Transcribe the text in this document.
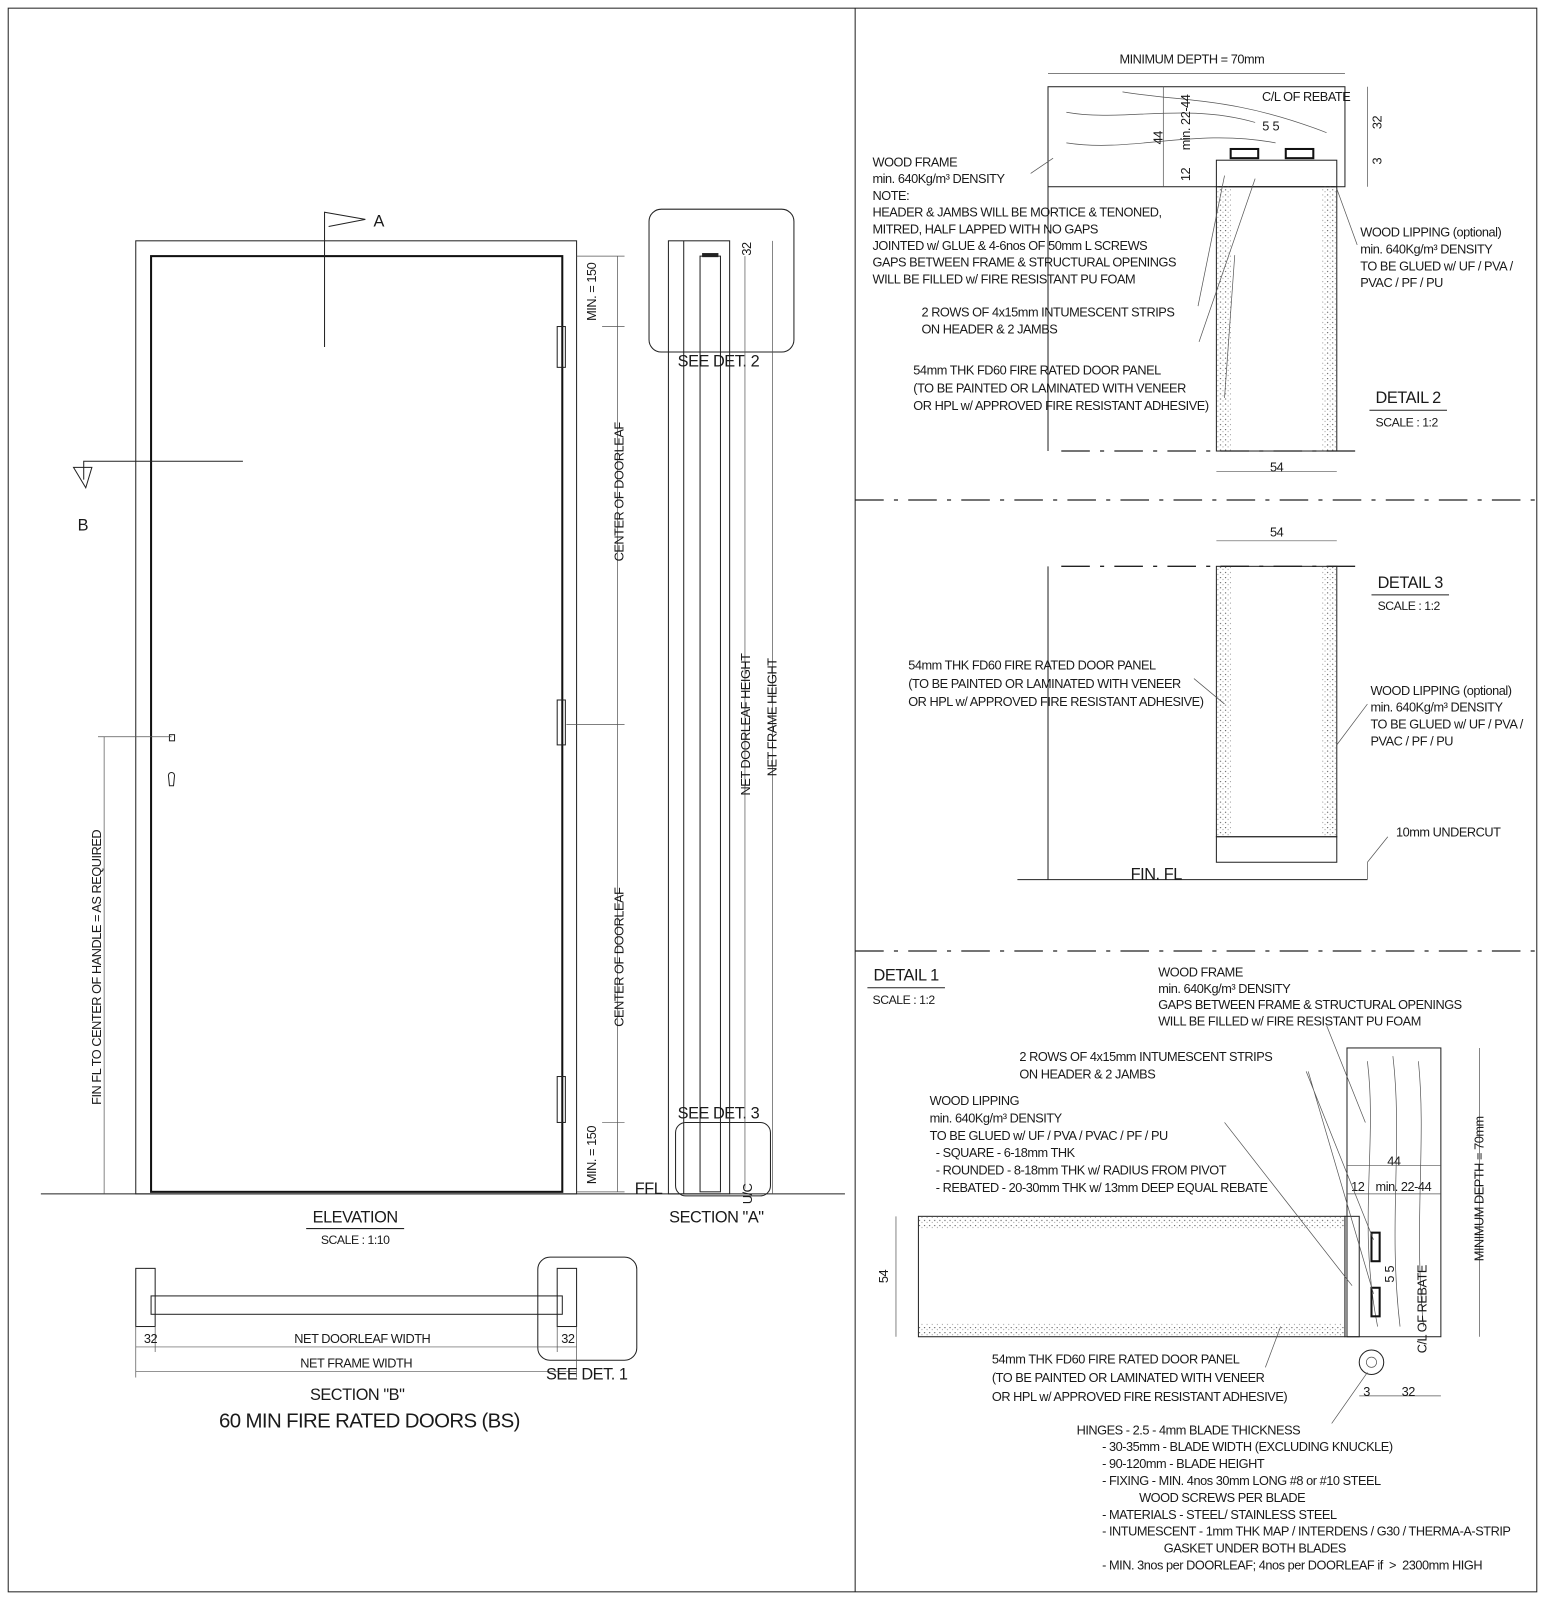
A
B
FIN FL TO CENTER OF HANDLE = AS REQUIRED
MIN. = 150
MIN. = 150
CENTER OF DOORLEAF
CENTER OF DOORLEAF
ELEVATION
SCALE : 1:10
SEE DET. 2
SEE DET. 3
32
NET DOORLEAF HEIGHT NET FRAME HEIGHT
FFL	U/C
SECTION "A"
32	32
NET DOORLEAF WIDTH
NET FRAME WIDTH
SEE DET. 1
SECTION "B"
60 MIN FIRE RATED DOORS (BS)
MINIMUM DEPTH = 70mm
C/L OF REBATE
44 min. 22-44
12
5 5	32
3
54
WOOD FRAME
min. 640Kg/m³ DENSITY
NOTE:
HEADER & JAMBS WILL BE MORTICE & TENONED,
MITRED, HALF LAPPED WITH NO GAPS
JOINTED w/ GLUE & 4-6nos OF 50mm L SCREWS
GAPS BETWEEN FRAME & STRUCTURAL OPENINGS
WILL BE FILLED w/ FIRE RESISTANT PU FOAM
2 ROWS OF 4x15mm INTUMESCENT STRIPS
ON HEADER & 2 JAMBS
54mm THK FD60 FIRE RATED DOOR PANEL
(TO BE PAINTED OR LAMINATED WITH VENEER
OR HPL w/ APPROVED FIRE RESISTANT ADHESIVE)
WOOD LIPPING (optional)
min. 640Kg/m³ DENSITY
TO BE GLUED w/ UF / PVA /
PVAC / PF / PU
DETAIL 2
SCALE : 1:2
54
FIN. FL
10mm UNDERCUT
54mm THK FD60 FIRE RATED DOOR PANEL
(TO BE PAINTED OR LAMINATED WITH VENEER
OR HPL w/ APPROVED FIRE RESISTANT ADHESIVE)
WOOD LIPPING (optional)
min. 640Kg/m³ DENSITY
TO BE GLUED w/ UF / PVA /
PVAC / PF / PU
DETAIL 3
SCALE : 1:2
DETAIL 1
SCALE : 1:2
54
44
12 min. 22-44
5
5 C/L OF REBATE
MINIMUM DEPTH = 70mm
3	32
WOOD FRAME
min. 640Kg/m³ DENSITY
GAPS BETWEEN FRAME & STRUCTURAL OPENINGS
WILL BE FILLED w/ FIRE RESISTANT PU FOAM
2 ROWS OF 4x15mm INTUMESCENT STRIPS
ON HEADER & 2 JAMBS
WOOD LIPPING
min. 640Kg/m³ DENSITY
TO BE GLUED w/ UF / PVA / PVAC / PF / PU
- SQUARE - 6-18mm THK
- ROUNDED - 8-18mm THK w/ RADIUS FROM PIVOT
- REBATED - 20-30mm THK w/ 13mm DEEP EQUAL REBATE
54mm THK FD60 FIRE RATED DOOR PANEL
(TO BE PAINTED OR LAMINATED WITH VENEER
OR HPL w/ APPROVED FIRE RESISTANT ADHESIVE)
HINGES - 2.5 - 4mm BLADE THICKNESS
- 30-35mm - BLADE WIDTH (EXCLUDING KNUCKLE)
- 90-120mm - BLADE HEIGHT
- FIXING - MIN. 4nos 30mm LONG #8 or #10 STEEL
WOOD SCREWS PER BLADE
- MATERIALS - STEEL/ STAINLESS STEEL
- INTUMESCENT - 1mm THK MAP / INTERDENS / G30 / THERMA-A-STRIP
GASKET UNDER BOTH BLADES
- MIN. 3nos per DOORLEAF; 4nos per DOORLEAF if  >  2300mm HIGH
